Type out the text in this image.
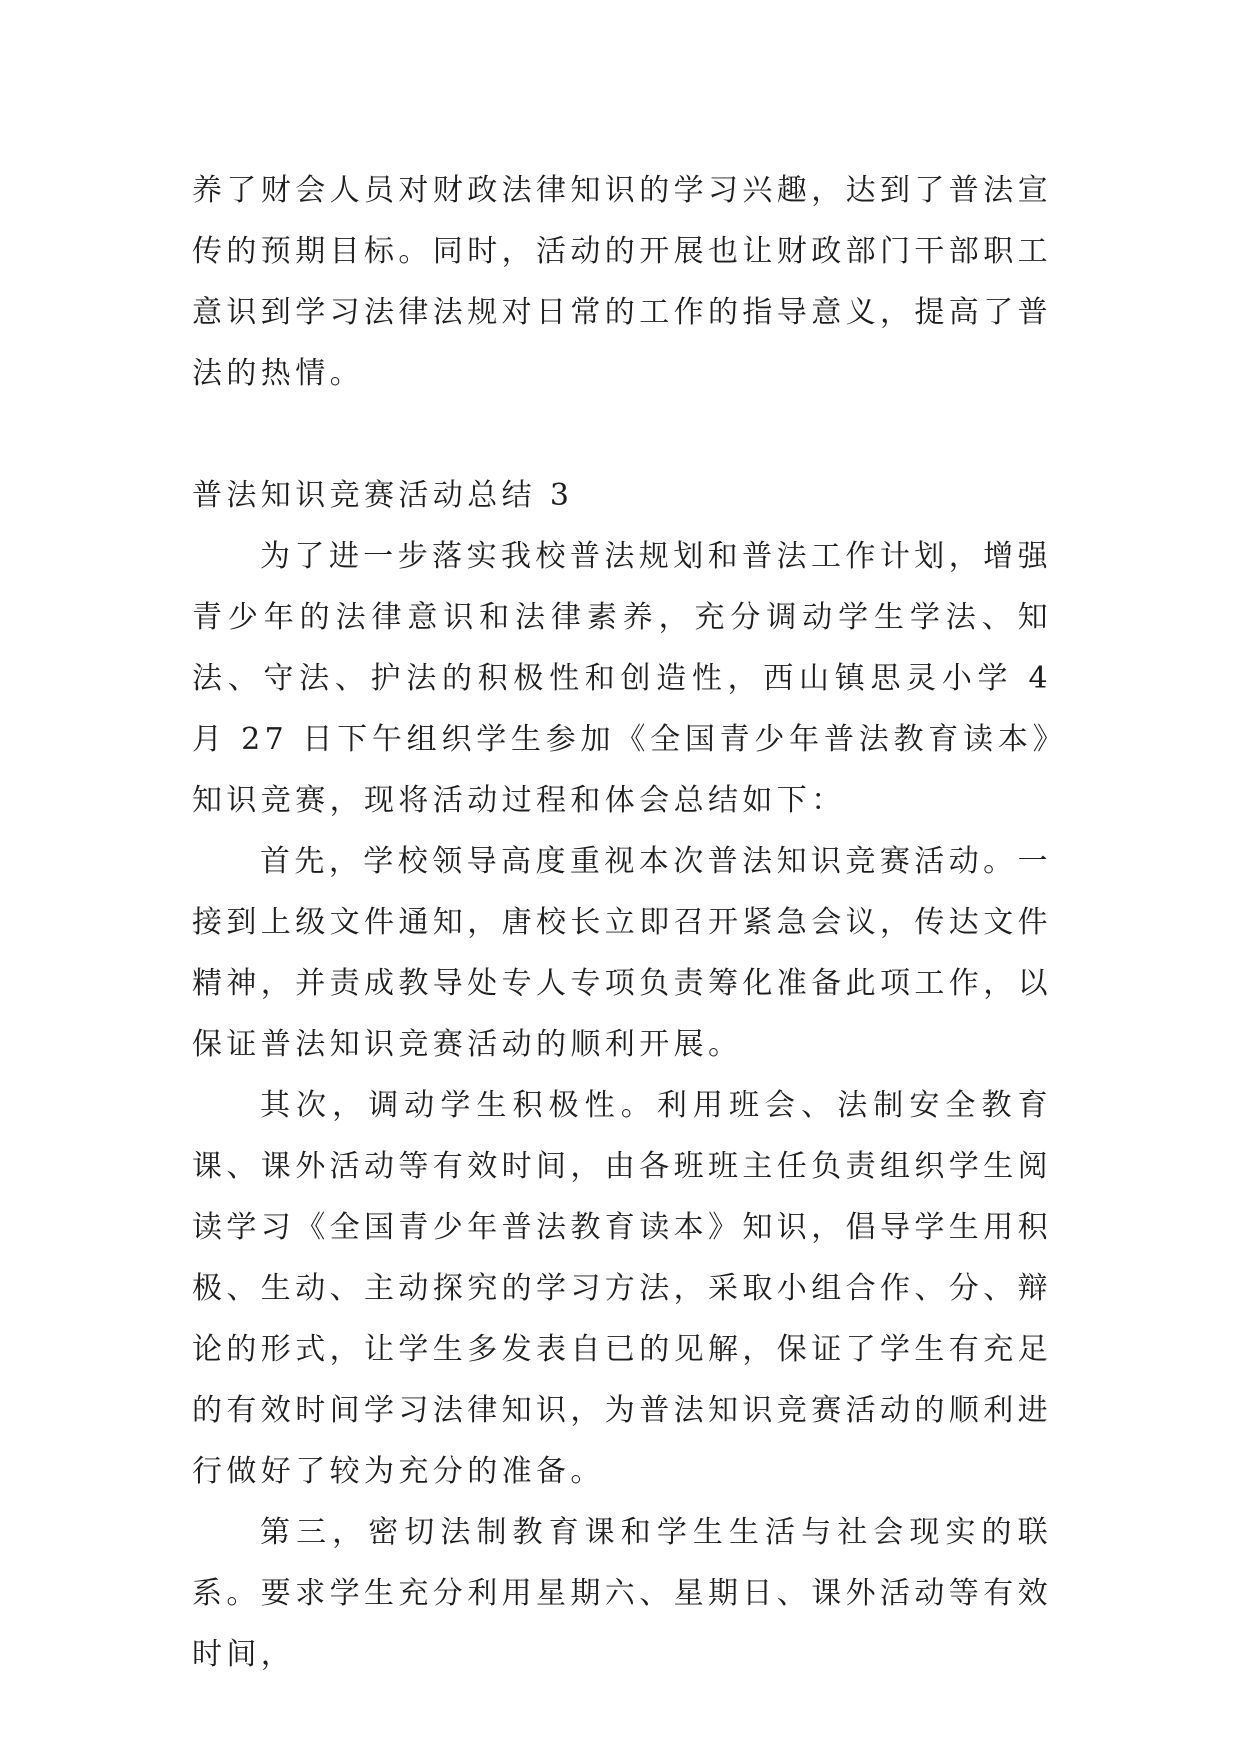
养了财会人员对财政法律知识的学习兴趣，达到了普法宣传的预期目标。同时，活动的开展也让财政部门干部职工意识到学习法律法规对日常的工作的指导意义，提高了普法的热情。

普法知识竞赛活动总结 3

为了进一步落实我校普法规划和普法工作计划，增强青少年的法律意识和法律素养，充分调动学生学法、知法、守法、护法的积极性和创造性，西山镇思灵小学 4 月 27 日下午组织学生参加《全国青少年普法教育读本》知识竞赛，现将活动过程和体会总结如下：

首先，学校领导高度重视本次普法知识竞赛活动。一接到上级文件通知，唐校长立即召开紧急会议，传达文件精神，并责成教导处专人专项负责筹化准备此项工作，以保证普法知识竞赛活动的顺利开展。

其次，调动学生积极性。利用班会、法制安全教育课、课外活动等有效时间，由各班班主任负责组织学生阅读学习《全国青少年普法教育读本》知识，倡导学生用积极、生动、主动探究的学习方法，采取小组合作、分、辩论的形式，让学生多发表自已的见解，保证了学生有充足的有效时间学习法律知识，为普法知识竞赛活动的顺利进行做好了较为充分的准备。

第三，密切法制教育课和学生生活与社会现实的联系。要求学生充分利用星期六、星期日、课外活动等有效时间，
